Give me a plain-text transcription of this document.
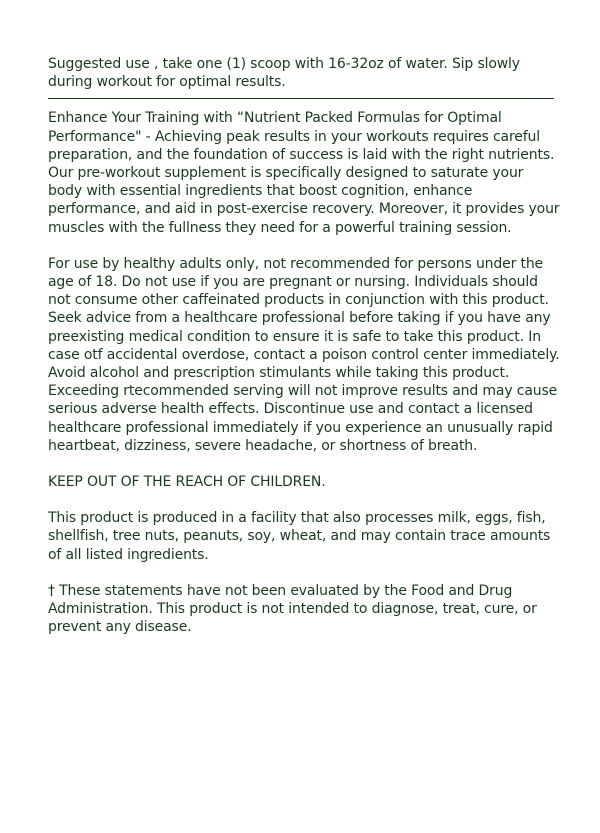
Suggested use , take one (1) scoop with 16-32oz of water. Sip slowly during workout for optimal results.

Enhance Your Training with “Nutrient Packed Formulas for Optimal Performance" - Achieving peak results in your workouts requires careful preparation, and the foundation of success is laid with the right nutrients. Our pre-workout supplement is specifically designed to saturate your body with essential ingredients that boost cognition, enhance performance, and aid in post-exercise recovery. Moreover, it provides your muscles with the fullness they need for a powerful training session.

For use by healthy adults only, not recommended for persons under the age of 18. Do not use if you are pregnant or nursing. Individuals should not consume other caffeinated products in conjunction with this product. Seek advice from a healthcare professional before taking if you have any preexisting medical condition to ensure it is safe to take this product. In case otf accidental overdose, contact a poison control center immediately. Avoid alcohol and prescription stimulants while taking this product. Exceeding rtecommended serving will not improve results and may cause serious adverse health effects. Discontinue use and contact a licensed healthcare professional immediately if you experience an unusually rapid heartbeat, dizziness, severe headache, or shortness of breath.

KEEP OUT OF THE REACH OF CHILDREN.

This product is produced in a facility that also processes milk, eggs, fish, shellfish, tree nuts, peanuts, soy, wheat, and may contain trace amounts of all listed ingredients.

† These statements have not been evaluated by the Food and Drug Administration. This product is not intended to diagnose, treat, cure, or prevent any disease.
